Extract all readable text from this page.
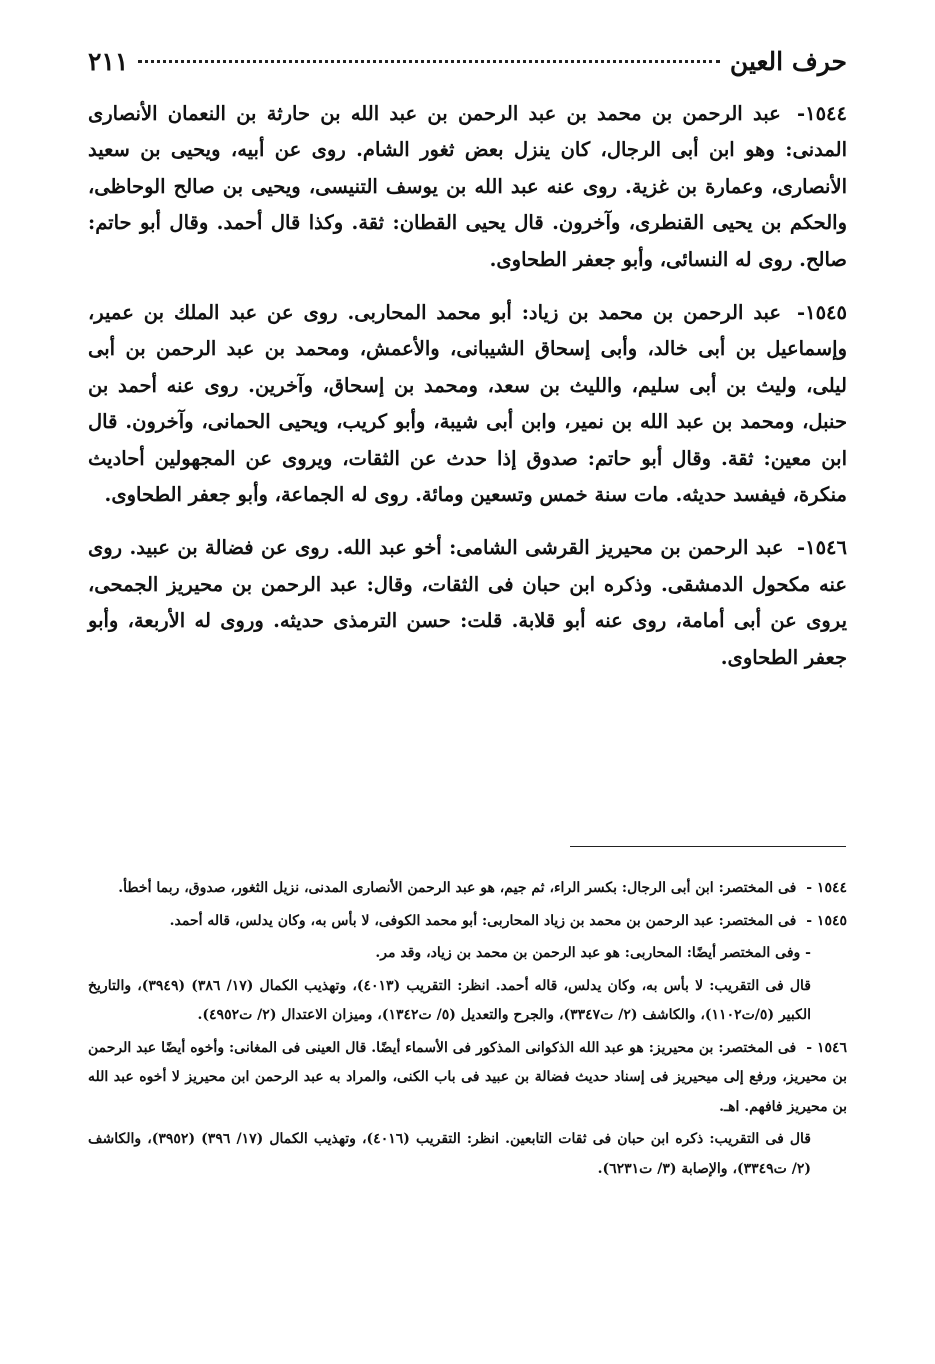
حرف العين
٢١١

١٥٤٤- عبد الرحمن بن محمد بن عبد الرحمن بن عبد الله بن حارثة بن النعمان الأنصارى المدنى: وهو ابن أبى الرجال، كان ينزل بعض ثغور الشام. روى عن أبيه، ويحيى بن سعيد الأنصارى، وعمارة بن غزية. روى عنه عبد الله بن يوسف التنيسى، ويحيى بن صالح الوحاظى، والحكم بن يحيى القنطرى، وآخرون. قال يحيى القطان: ثقة. وكذا قال أحمد. وقال أبو حاتم: صالح. روى له النسائى، وأبو جعفر الطحاوى.

١٥٤٥- عبد الرحمن بن محمد بن زياد: أبو محمد المحاربى. روى عن عبد الملك بن عمير، وإسماعيل بن أبى خالد، وأبى إسحاق الشيبانى، والأعمش، ومحمد بن عبد الرحمن بن أبى ليلى، وليث بن أبى سليم، والليث بن سعد، ومحمد بن إسحاق، وآخرين. روى عنه أحمد بن حنبل، ومحمد بن عبد الله بن نمير، وابن أبى شيبة، وأبو كريب، ويحيى الحمانى، وآخرون. قال ابن معين: ثقة. وقال أبو حاتم: صدوق إذا حدث عن الثقات، ويروى عن المجهولين أحاديث منكرة، فيفسد حديثه. مات سنة خمس وتسعين ومائة. روى له الجماعة، وأبو جعفر الطحاوى.

١٥٤٦- عبد الرحمن بن محيريز القرشى الشامى: أخو عبد الله. روى عن فضالة بن عبيد. روى عنه مكحول الدمشقى. وذكره ابن حبان فى الثقات، وقال: عبد الرحمن بن محيريز الجمحى، يروى عن أبى أمامة، روى عنه أبو قلابة. قلت: حسن الترمذى حديثه. وروى له الأربعة، وأبو جعفر الطحاوى.

١٥٤٤ - فى المختصر: ابن أبى الرجال: بكسر الراء، ثم جيم، هو عبد الرحمن الأنصارى المدنى، نزيل الثغور، صدوق، ربما أخطأ.

١٥٤٥ - فى المختصر: عبد الرحمن بن محمد بن زياد المحاربى: أبو محمد الكوفى، لا بأس به، وكان يدلس، قاله أحمد.

- وفى المختصر أيضًا: المحاربى: هو عبد الرحمن بن محمد بن زياد، وقد مر.

قال فى التقريب: لا بأس به، وكان يدلس، قاله أحمد. انظر: التقريب (٤٠١٣)، وتهذيب الكمال (١٧/ ٣٨٦) (٣٩٤٩)، والتاريخ الكبير (٥/ت١١٠٢)، والكاشف (٢/ ت٣٣٤٧)، والجرح والتعديل (٥/ ت١٣٤٢)، وميزان الاعتدال (٢/ ت٤٩٥٢).

١٥٤٦ - فى المختصر: بن محيريز: هو عبد الله الذكوانى المذكور فى الأسماء أيضًا. قال العينى فى المغانى: وأخوه أيضًا عبد الرحمن بن محيريز، ورفع إلى ميحيريز فى إسناد حديث فضالة بن عبيد فى باب الكنى، والمراد به عبد الرحمن ابن محيريز لا أخوه عبد الله بن محيريز فافهم. اهـ.

قال فى التقريب: ذكره ابن حبان فى ثقات التابعين. انظر: التقريب (٤٠١٦)، وتهذيب الكمال (١٧/ ٣٩٦) (٣٩٥٢)، والكاشف (٢/ ت٣٣٤٩)، والإصابة (٣/ ت٦٢٣١).
